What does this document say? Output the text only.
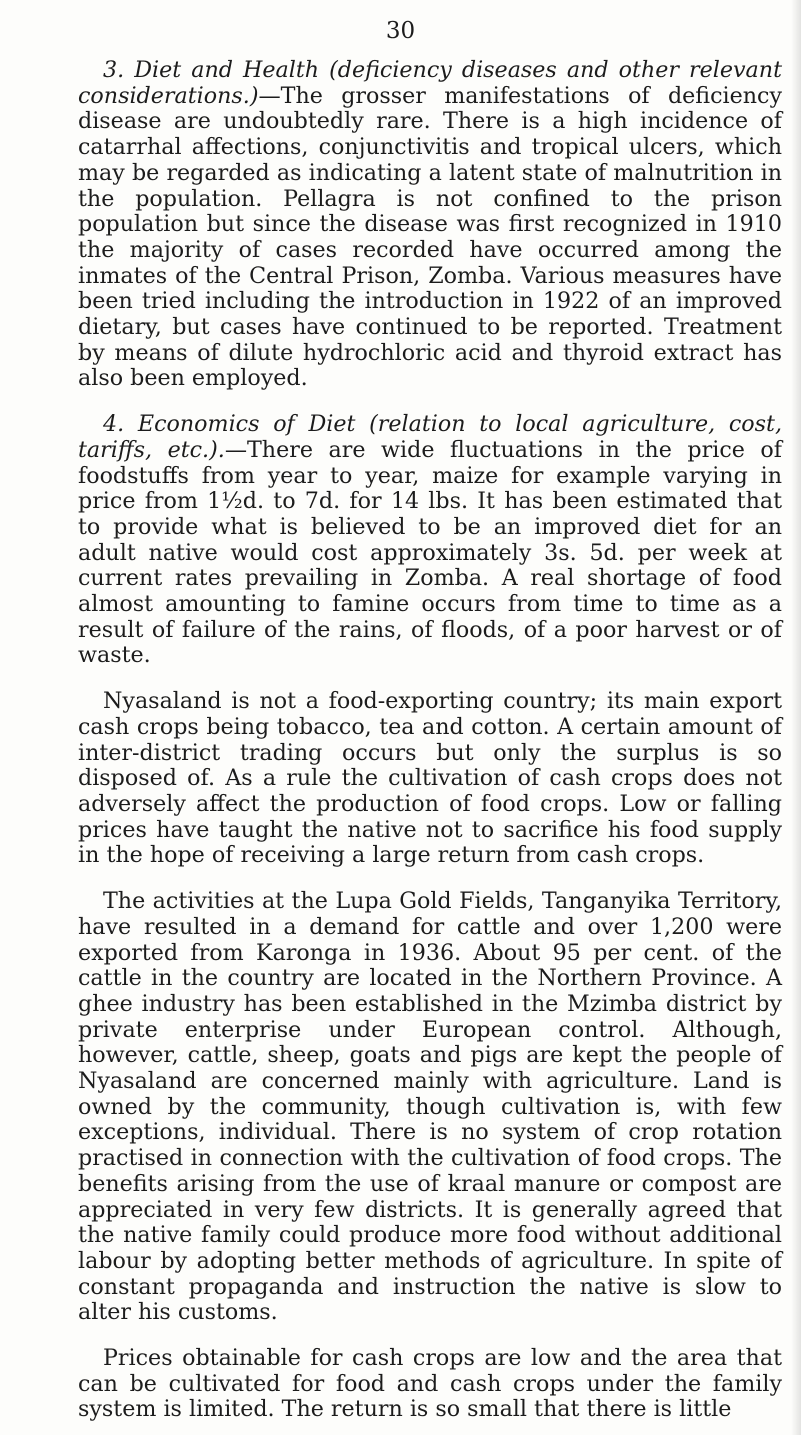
30

3. Diet and Health (deficiency diseases and other relevant considerations.)—The grosser manifestations of deficiency disease are undoubtedly rare. There is a high incidence of catarrhal affections, conjunctivitis and tropical ulcers, which may be regarded as indicating a latent state of malnutrition in the population. Pellagra is not confined to the prison population but since the disease was first recognized in 1910 the majority of cases recorded have occurred among the inmates of the Central Prison, Zomba. Various measures have been tried including the introduction in 1922 of an improved dietary, but cases have continued to be reported. Treatment by means of dilute hydrochloric acid and thyroid extract has also been employed.

4. Economics of Diet (relation to local agriculture, cost, tariffs, etc.).—There are wide fluctuations in the price of foodstuffs from year to year, maize for example varying in price from 1½d. to 7d. for 14 lbs. It has been estimated that to provide what is believed to be an improved diet for an adult native would cost approximately 3s. 5d. per week at current rates prevailing in Zomba. A real shortage of food almost amounting to famine occurs from time to time as a result of failure of the rains, of floods, of a poor harvest or of waste.

Nyasaland is not a food-exporting country; its main export cash crops being tobacco, tea and cotton. A certain amount of inter-district trading occurs but only the surplus is so disposed of. As a rule the cultivation of cash crops does not adversely affect the production of food crops. Low or falling prices have taught the native not to sacrifice his food supply in the hope of receiving a large return from cash crops.

The activities at the Lupa Gold Fields, Tanganyika Territory, have resulted in a demand for cattle and over 1,200 were exported from Karonga in 1936. About 95 per cent. of the cattle in the country are located in the Northern Province. A ghee industry has been established in the Mzimba district by private enterprise under European control. Although, however, cattle, sheep, goats and pigs are kept the people of Nyasaland are concerned mainly with agriculture. Land is owned by the community, though cultivation is, with few exceptions, individual. There is no system of crop rotation practised in connection with the cultivation of food crops. The benefits arising from the use of kraal manure or compost are appreciated in very few districts. It is generally agreed that the native family could produce more food without additional labour by adopting better methods of agriculture. In spite of constant propaganda and instruction the native is slow to alter his customs.

Prices obtainable for cash crops are low and the area that can be cultivated for food and cash crops under the family system is limited. The return is so small that there is little
